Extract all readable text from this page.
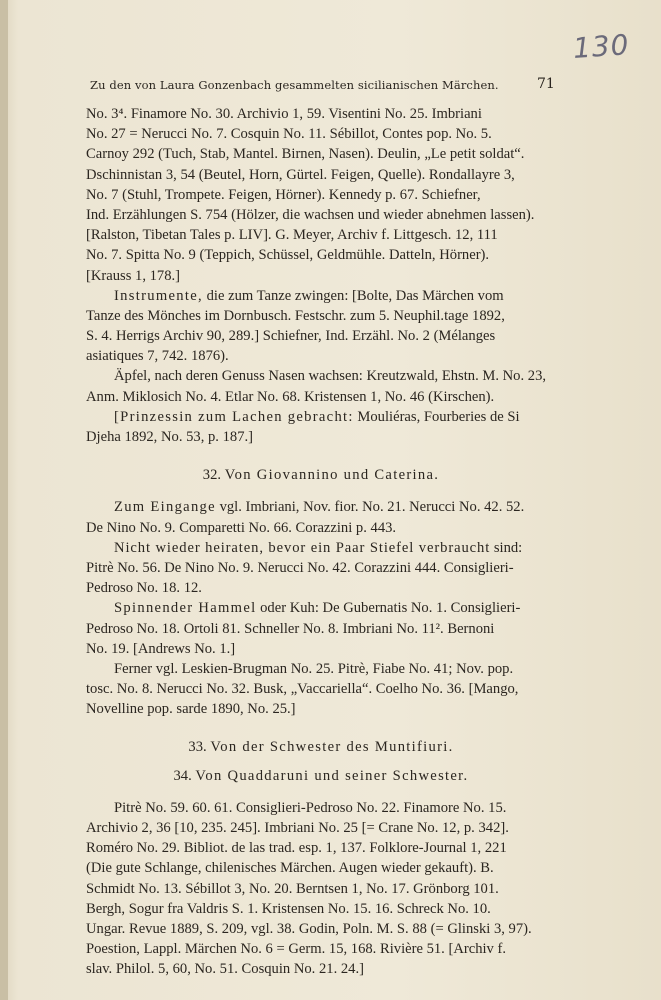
130
Zu den von Laura Gonzenbach gesammelten sicilianischen Märchen.	71
No. 3⁴. Finamore No. 30. Archivio 1, 59. Visentini No. 25. Imbriani
No. 27 = Nerucci No. 7. Cosquin No. 11. Sébillot, Contes pop. No. 5.
Carnoy 292 (Tuch, Stab, Mantel. Birnen, Nasen). Deulin, „Le petit soldat“.
Dschinnistan 3, 54 (Beutel, Horn, Gürtel. Feigen, Quelle). Rondallayre 3,
No. 7 (Stuhl, Trompete. Feigen, Hörner). Kennedy p. 67. Schiefner,
Ind. Erzählungen S. 754 (Hölzer, die wachsen und wieder abnehmen lassen).
[Ralston, Tibetan Tales p. LIV]. G. Meyer, Archiv f. Littgesch. 12, 111
No. 7. Spitta No. 9 (Teppich, Schüssel, Geldmühle. Datteln, Hörner).
[Krauss 1, 178.]
Instrumente, die zum Tanze zwingen: [Bolte, Das Märchen vom
Tanze des Mönches im Dornbusch. Festschr. zum 5. Neuphil.tage 1892,
S. 4. Herrigs Archiv 90, 289.] Schiefner, Ind. Erzähl. No. 2 (Mélanges
asiatiques 7, 742. 1876).
Äpfel, nach deren Genuss Nasen wachsen: Kreutzwald, Ehstn. M. No. 23,
Anm. Miklosich No. 4. Etlar No. 68. Kristensen 1, No. 46 (Kirschen).
[Prinzessin zum Lachen gebracht: Mouliéras, Fourberies de Si
Djeha 1892, No. 53, p. 187.]
32. Von Giovannino und Caterina.
Zum Eingange vgl. Imbriani, Nov. fior. No. 21. Nerucci No. 42. 52.
De Nino No. 9. Comparetti No. 66. Corazzini p. 443.
Nicht wieder heiraten, bevor ein Paar Stiefel verbraucht sind:
Pitrè No. 56. De Nino No. 9. Nerucci No. 42. Corazzini 444. Consiglieri-
Pedroso No. 18. 12.
Spinnender Hammel oder Kuh: De Gubernatis No. 1. Consiglieri-
Pedroso No. 18. Ortoli 81. Schneller No. 8. Imbriani No. 11². Bernoni
No. 19. [Andrews No. 1.]
Ferner vgl. Leskien-Brugman No. 25. Pitrè, Fiabe No. 41; Nov. pop.
tosc. No. 8. Nerucci No. 32. Busk, „Vaccariella“. Coelho No. 36. [Mango,
Novelline pop. sarde 1890, No. 25.]
33. Von der Schwester des Muntifiuri.
34. Von Quaddaruni und seiner Schwester.
Pitrè No. 59. 60. 61. Consiglieri-Pedroso No. 22. Finamore No. 15.
Archivio 2, 36 [10, 235. 245]. Imbriani No. 25 [= Crane No. 12, p. 342].
Roméro No. 29. Bibliot. de las trad. esp. 1, 137. Folklore-Journal 1, 221
(Die gute Schlange, chilenisches Märchen. Augen wieder gekauft). B.
Schmidt No. 13. Sébillot 3, No. 20. Berntsen 1, No. 17. Grönborg 101.
Bergh, Sogur fra Valdris S. 1. Kristensen No. 15. 16. Schreck No. 10.
Ungar. Revue 1889, S. 209, vgl. 38. Godin, Poln. M. S. 88 (= Glinski 3, 97).
Poestion, Lappl. Märchen No. 6 = Germ. 15, 168. Rivière 51. [Archiv f.
slav. Philol. 5, 60, No. 51. Cosquin No. 21. 24.]
